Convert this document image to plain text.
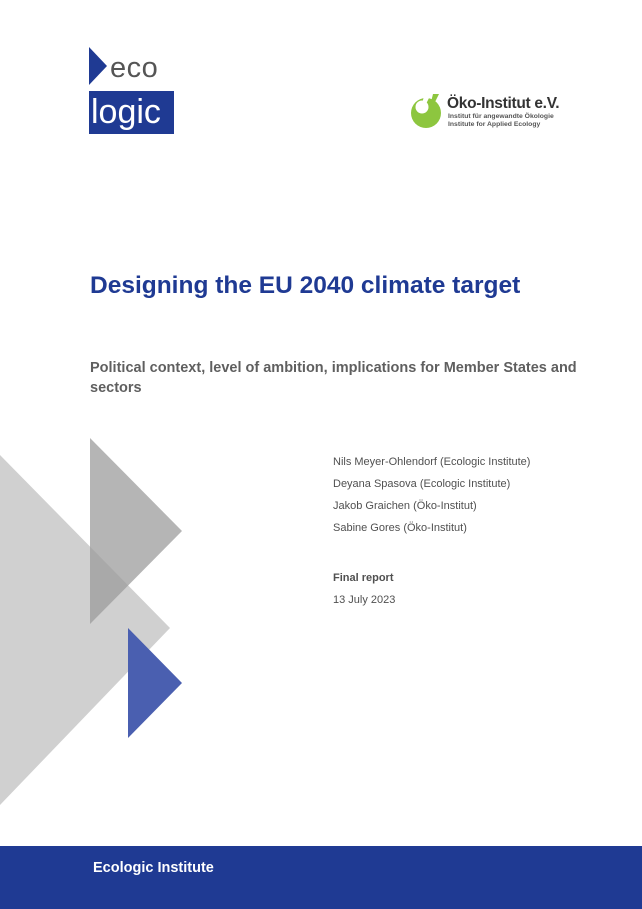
eco
logic	Öko-Institut e.V.
Institut für angewandte Ökologie
Institute for Applied Ecology
Designing the EU 2040 climate target

Political context, level of ambition, implications for Member States and sectors

Nils Meyer-Ohlendorf (Ecologic Institute)
Deyana Spasova (Ecologic Institute)
Jakob Graichen (Öko-Institut)
Sabine Gores (Öko-Institut)
Final report
13 July 2023
Ecologic Institute
